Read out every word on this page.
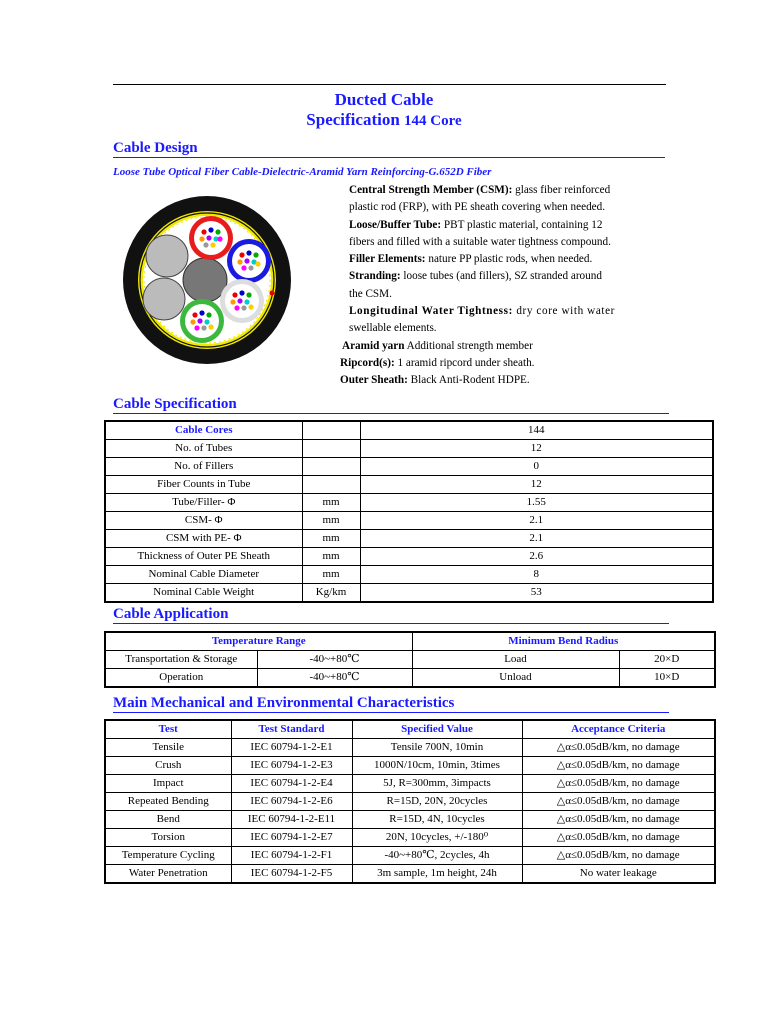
Ducted Cable
Specification 144 Core
Cable Design
Loose Tube Optical Fiber Cable-Dielectric-Aramid Yarn Reinforcing-G.652D Fiber
Central Strength Member (CSM): glass fiber reinforced
plastic rod (FRP), with PE sheath covering when needed.
Loose/Buffer Tube: PBT plastic material, containing 12
fibers and filled with a suitable water tightness compound.
Filler Elements: nature PP plastic rods, when needed.
Stranding: loose tubes (and fillers), SZ stranded around
the CSM.
Longitudinal Water Tightness: dry core with water
swellable elements.
Aramid yarn Additional strength member
Ripcord(s): 1 aramid ripcord under sheath.
Outer Sheath: Black Anti-Rodent HDPE.
Cable Specification
Cable Cores		144
No. of Tubes		12
No. of Fillers		0
Fiber Counts in Tube		12
Tube/Filler- Φ	mm	1.55
CSM- Φ	mm	2.1
CSM with PE- Φ	mm	2.1
Thickness of Outer PE Sheath	mm	2.6
Nominal Cable Diameter	mm	8
Nominal Cable Weight	Kg/km	53
Cable Application
Temperature Range		Minimum Bend Radius	
Transportation & Storage	-40~+80℃	Load	20×D
Operation	-40~+80℃	Unload	10×D
Main Mechanical and Environmental Characteristics
Test	Test Standard	Specified Value	Acceptance Criteria
Tensile	IEC 60794-1-2-E1	Tensile 700N, 10min	△α≤0.05dB/km, no damage
Crush	IEC 60794-1-2-E3	1000N/10cm, 10min, 3times	△α≤0.05dB/km, no damage
Impact	IEC 60794-1-2-E4	5J, R=300mm, 3impacts	△α≤0.05dB/km, no damage
Repeated Bending	IEC 60794-1-2-E6	R=15D, 20N, 20cycles	△α≤0.05dB/km, no damage
Bend	IEC 60794-1-2-E11	R=15D, 4N, 10cycles	△α≤0.05dB/km, no damage
Torsion	IEC 60794-1-2-E7	20N, 10cycles, +/-180⁰	△α≤0.05dB/km, no damage
Temperature Cycling	IEC 60794-1-2-F1	-40~+80℃, 2cycles, 4h	△α≤0.05dB/km, no damage
Water Penetration	IEC 60794-1-2-F5	3m sample, 1m height, 24h	No water leakage
